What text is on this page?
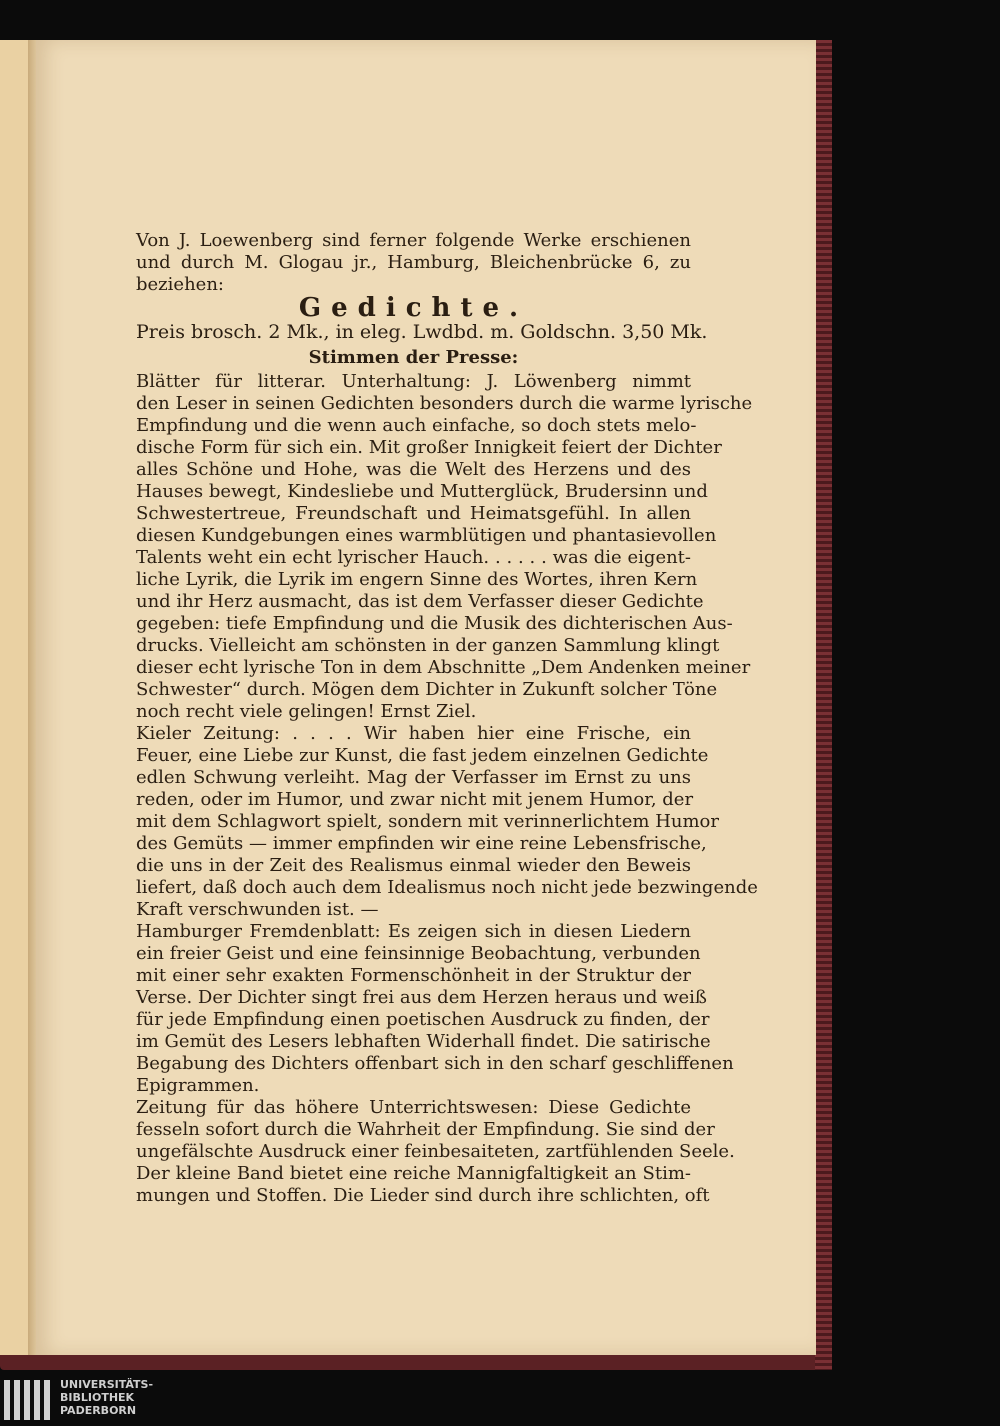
Von J. Loewenberg sind ferner folgende Werke erschienen
und durch M. Glogau jr., Hamburg, Bleichenbrücke 6, zu
beziehen:
Gedichte.
Preis brosch. 2 Mk., in eleg. Lwdbd. m. Goldschn. 3,50 Mk.
Stimmen der Presse:
Blätter für litterar. Unterhaltung: J. Löwenberg nimmt
den Leser in seinen Gedichten besonders durch die warme lyrische
Empfindung und die wenn auch einfache, so doch stets melo-
dische Form für sich ein. Mit großer Innigkeit feiert der Dichter
alles Schöne und Hohe, was die Welt des Herzens und des
Hauses bewegt, Kindesliebe und Mutterglück, Brudersinn und
Schwestertreue, Freundschaft und Heimatsgefühl. In allen
diesen Kundgebungen eines warmblütigen und phantasievollen
Talents weht ein echt lyrischer Hauch. . . . . . was die eigent-
liche Lyrik, die Lyrik im engern Sinne des Wortes, ihren Kern
und ihr Herz ausmacht, das ist dem Verfasser dieser Gedichte
gegeben: tiefe Empfindung und die Musik des dichterischen Aus-
drucks. Vielleicht am schönsten in der ganzen Sammlung klingt
dieser echt lyrische Ton in dem Abschnitte „Dem Andenken meiner
Schwester“ durch. Mögen dem Dichter in Zukunft solcher Töne
noch recht viele gelingen! Ernst Ziel.
Kieler Zeitung: . . . . Wir haben hier eine Frische, ein
Feuer, eine Liebe zur Kunst, die fast jedem einzelnen Gedichte
edlen Schwung verleiht. Mag der Verfasser im Ernst zu uns
reden, oder im Humor, und zwar nicht mit jenem Humor, der
mit dem Schlagwort spielt, sondern mit verinnerlichtem Humor
des Gemüts — immer empfinden wir eine reine Lebensfrische,
die uns in der Zeit des Realismus einmal wieder den Beweis
liefert, daß doch auch dem Idealismus noch nicht jede bezwingende
Kraft verschwunden ist. —
Hamburger Fremdenblatt: Es zeigen sich in diesen Liedern
ein freier Geist und eine feinsinnige Beobachtung, verbunden
mit einer sehr exakten Formenschönheit in der Struktur der
Verse. Der Dichter singt frei aus dem Herzen heraus und weiß
für jede Empfindung einen poetischen Ausdruck zu finden, der
im Gemüt des Lesers lebhaften Widerhall findet. Die satirische
Begabung des Dichters offenbart sich in den scharf geschliffenen
Epigrammen.
Zeitung für das höhere Unterrichtswesen: Diese Gedichte
fesseln sofort durch die Wahrheit der Empfindung. Sie sind der
ungefälschte Ausdruck einer feinbesaiteten, zartfühlenden Seele.
Der kleine Band bietet eine reiche Mannigfaltigkeit an Stim-
mungen und Stoffen. Die Lieder sind durch ihre schlichten, oft
UNIVERSITÄTS-
BIBLIOTHEK
PADERBORN
